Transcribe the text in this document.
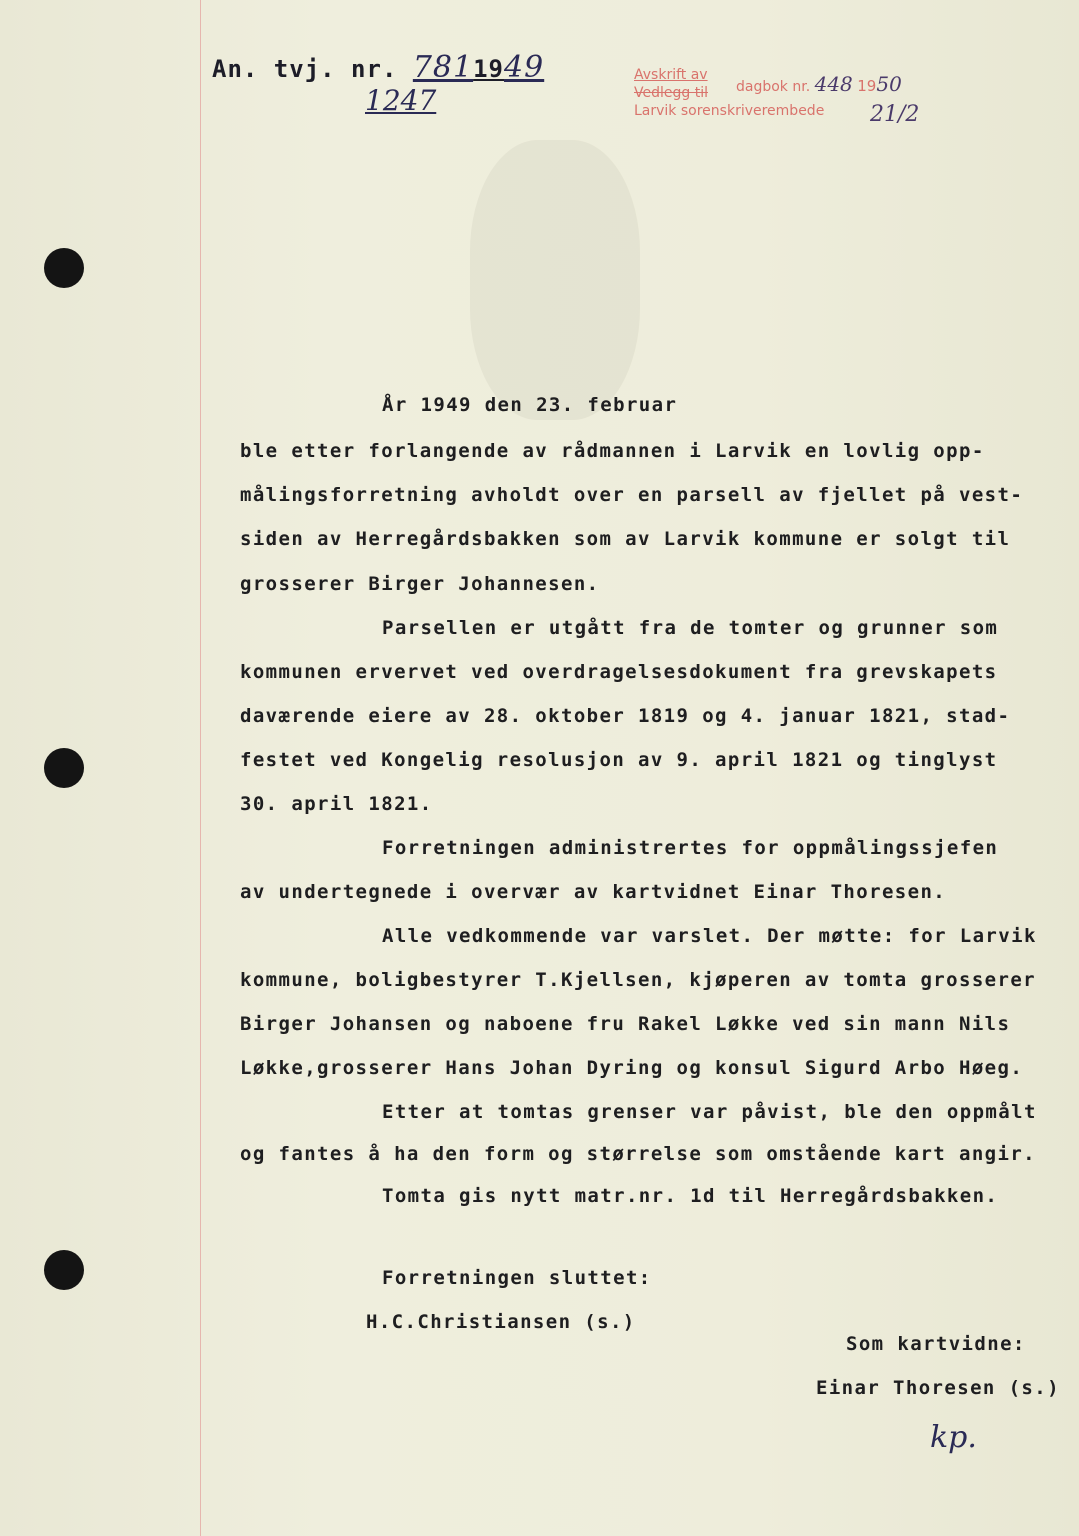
An. tvj. nr. 7811949
1247
Avskrift av
Vedlegg til
Larvik sorenskriverembede
dagbok nr. 448 1950
21/2
År 1949 den 23. februar
ble etter forlangende av rådmannen i Larvik en lovlig opp-
målingsforretning avholdt over en parsell av fjellet på vest-
siden av Herregårdsbakken som av Larvik kommune er solgt til
grosserer Birger Johannesen.
Parsellen er utgått fra de tomter og grunner som
kommunen ervervet ved overdragelsesdokument fra grevskapets
daværende eiere av 28. oktober 1819 og 4. januar 1821, stad-
festet ved Kongelig resolusjon av 9. april 1821 og tinglyst
30. april 1821.
Forretningen administrertes for oppmålingssjefen
av undertegnede i overvær av kartvidnet Einar Thoresen.
Alle vedkommende var varslet. Der møtte: for Larvik
kommune, boligbestyrer T.Kjellsen, kjøperen av tomta grosserer
Birger Johansen og naboene fru Rakel Løkke ved sin mann Nils
Løkke,grosserer Hans Johan Dyring og konsul Sigurd Arbo Høeg.
Etter at tomtas grenser var påvist, ble den oppmålt
og fantes å ha den form og størrelse som omstående kart angir.
Tomta gis nytt matr.nr. 1d til Herregårdsbakken.
Forretningen sluttet:
H.C.Christiansen (s.)
Som kartvidne:
Einar Thoresen (s.)
kp.
